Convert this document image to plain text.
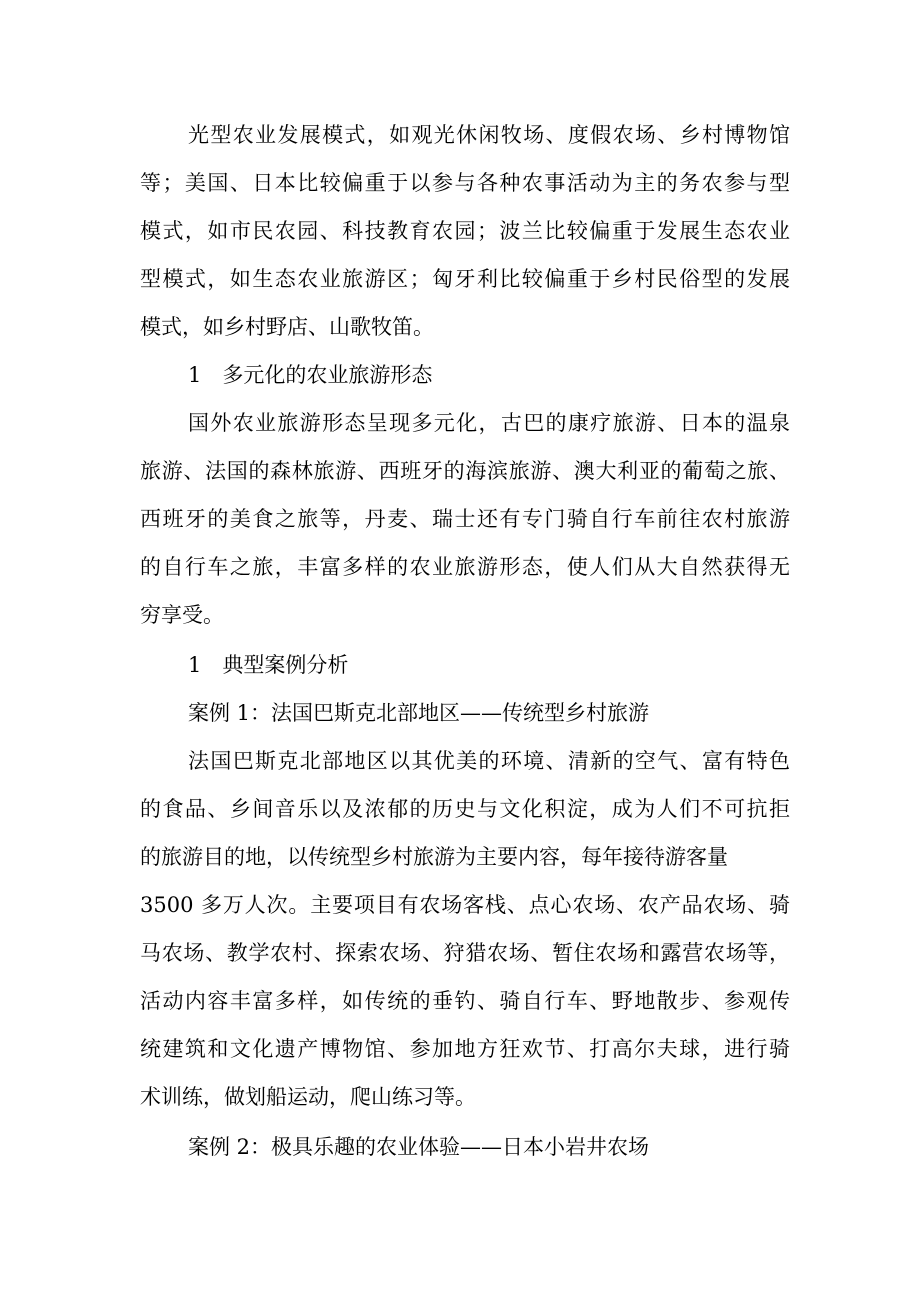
光型农业发展模式，如观光休闲牧场、度假农场、乡村博物馆
等；美国、日本比较偏重于以参与各种农事活动为主的务农参与型
模式，如市民农园、科技教育农园；波兰比较偏重于发展生态农业
型模式，如生态农业旅游区；匈牙利比较偏重于乡村民俗型的发展
模式，如乡村野店、山歌牧笛。
1　多元化的农业旅游形态
国外农业旅游形态呈现多元化，古巴的康疗旅游、日本的温泉
旅游、法国的森林旅游、西班牙的海滨旅游、澳大利亚的葡萄之旅、
西班牙的美食之旅等，丹麦、瑞士还有专门骑自行车前往农村旅游
的自行车之旅，丰富多样的农业旅游形态，使人们从大自然获得无
穷享受。
1　典型案例分析
案例 1：法国巴斯克北部地区——传统型乡村旅游
法国巴斯克北部地区以其优美的环境、清新的空气、富有特色
的食品、乡间音乐以及浓郁的历史与文化积淀，成为人们不可抗拒
的旅游目的地，以传统型乡村旅游为主要内容，每年接待游客量
3500 多万人次。主要项目有农场客栈、点心农场、农产品农场、骑
马农场、教学农村、探索农场、狩猎农场、暂住农场和露营农场等，
活动内容丰富多样，如传统的垂钓、骑自行车、野地散步、参观传
统建筑和文化遗产博物馆、参加地方狂欢节、打高尔夫球，进行骑
术训练，做划船运动，爬山练习等。
案例 2：极具乐趣的农业体验——日本小岩井农场
